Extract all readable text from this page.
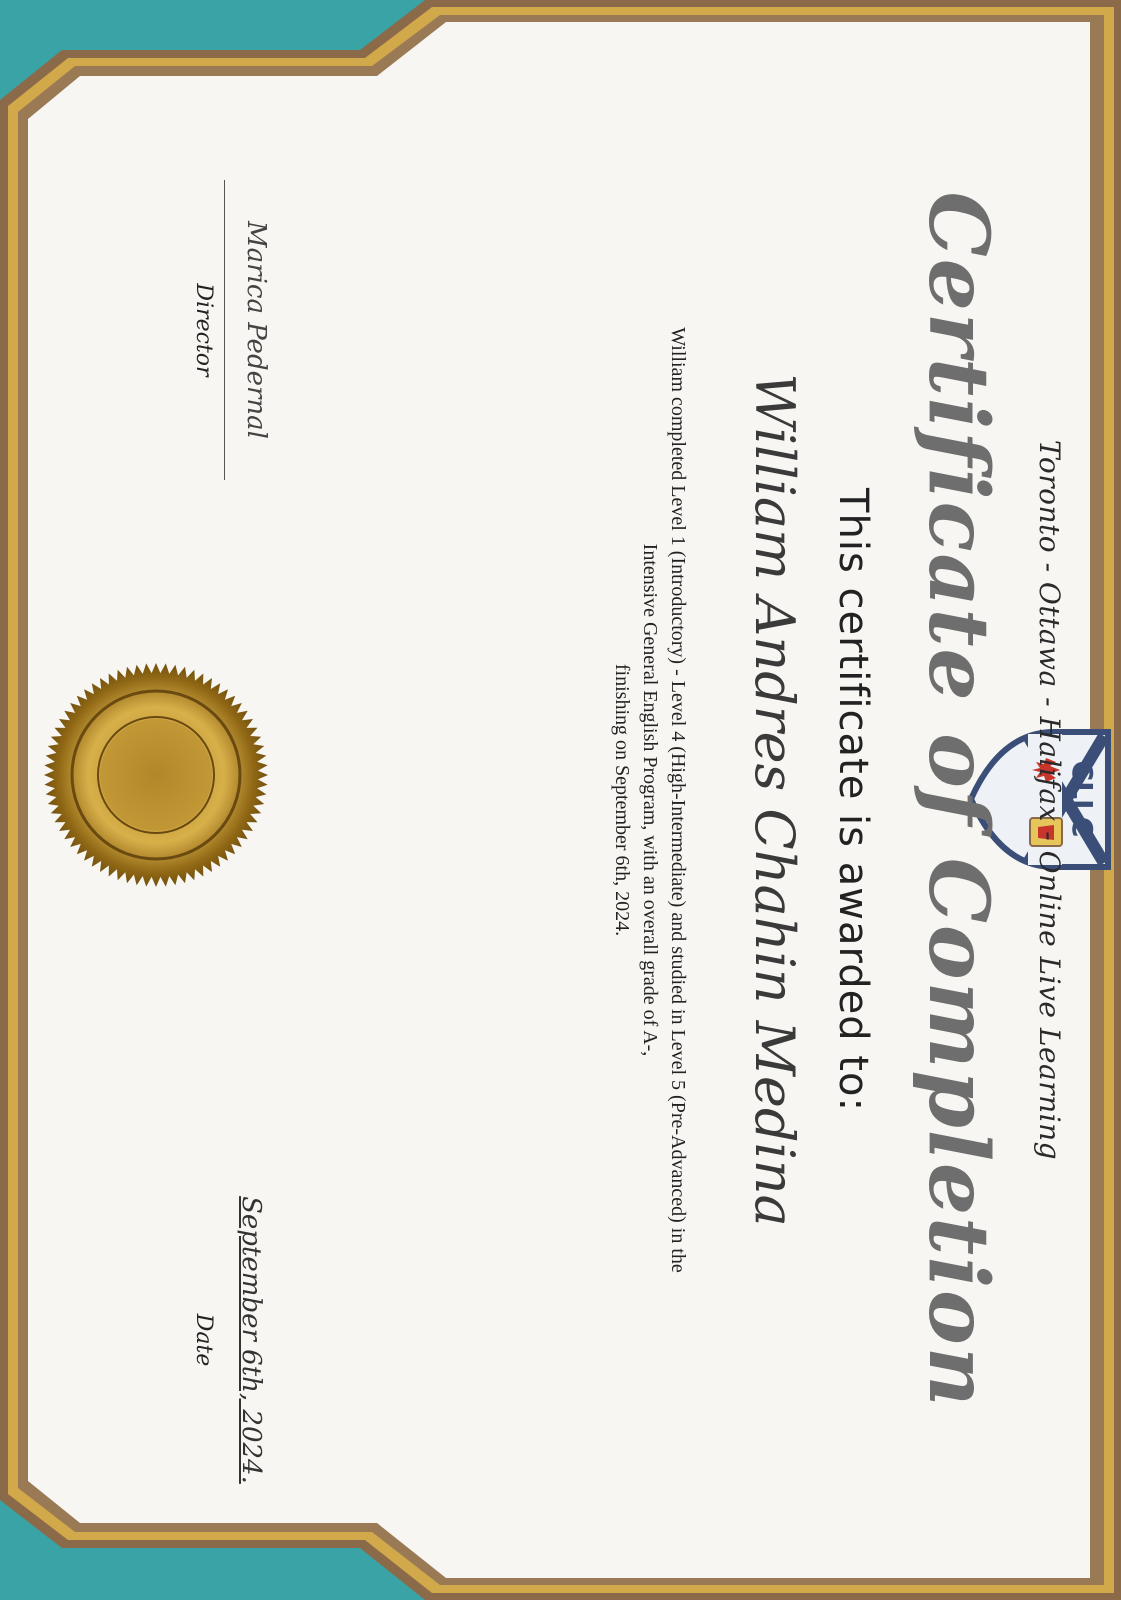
CLLC

Toronto - Ottawa - Halifax - Online Live Learning

Certificate of Completion

This certificate is awarded to:

William Andres Chahin Medina

William completed Level 1 (Introductory) - Level 4 (High-Intermediate) and studied in Level 5 (Pre-Advanced) in the

Intensive General English Program, with an overall grade of A-,

finishing on September 6th, 2024.

Marica Pedernal
Director
September 6th, 2024.
Date
